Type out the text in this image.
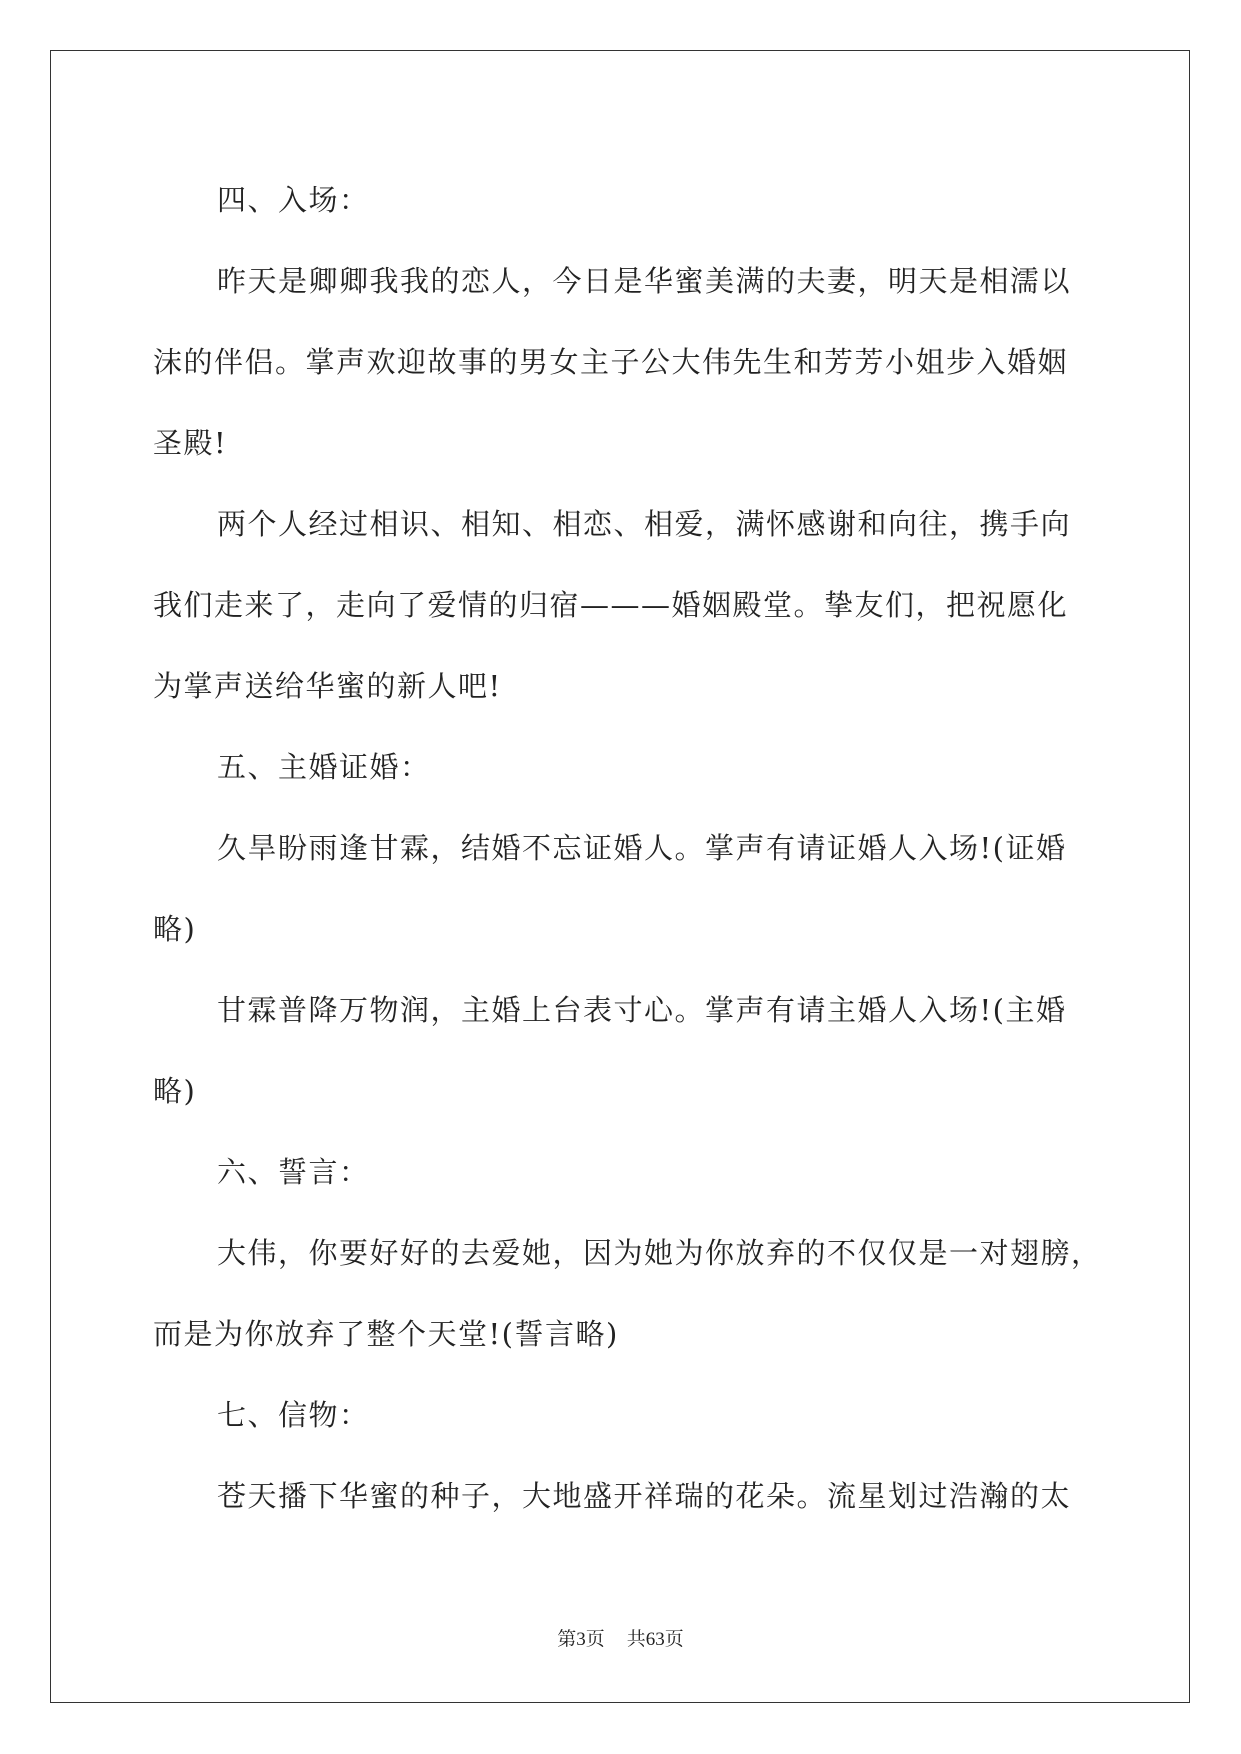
四、入场：
昨天是卿卿我我的恋人，今日是华蜜美满的夫妻，明天是相濡以
沫的伴侣。掌声欢迎故事的男女主子公大伟先生和芳芳小姐步入婚姻
圣殿!
两个人经过相识、相知、相恋、相爱，满怀感谢和向往，携手向
我们走来了，走向了爱情的归宿———婚姻殿堂。挚友们，把祝愿化
为掌声送给华蜜的新人吧!
五、主婚证婚：
久旱盼雨逢甘霖，结婚不忘证婚人。掌声有请证婚人入场!(证婚
略)
甘霖普降万物润，主婚上台表寸心。掌声有请主婚人入场!(主婚
略)
六、誓言：
大伟，你要好好的去爱她，因为她为你放弃的不仅仅是一对翅膀，
而是为你放弃了整个天堂!(誓言略)
七、信物：
苍天播下华蜜的种子，大地盛开祥瑞的花朵。流星划过浩瀚的太
第3页 共63页
